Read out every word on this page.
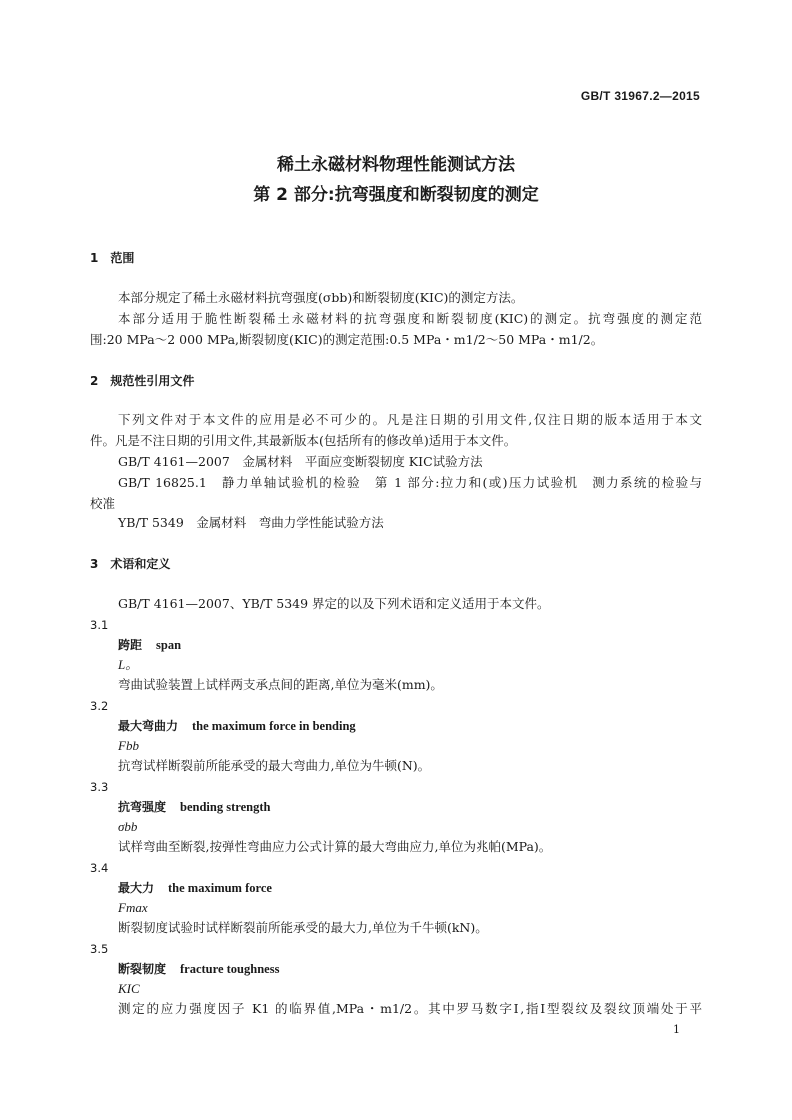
GB/T 31967.2—2015
稀土永磁材料物理性能测试方法
第 2 部分:抗弯强度和断裂韧度的测定
1　范围
本部分规定了稀土永磁材料抗弯强度(σbb)和断裂韧度(KIC)的测定方法。
本部分适用于脆性断裂稀土永磁材料的抗弯强度和断裂韧度(KIC)的测定。抗弯强度的测定范
围:20 MPa～2 000 MPa,断裂韧度(KIC)的测定范围:0.5 MPa・m1/2～50 MPa・m1/2。
2　规范性引用文件
下列文件对于本文件的应用是必不可少的。凡是注日期的引用文件,仅注日期的版本适用于本文
件。凡是不注日期的引用文件,其最新版本(包括所有的修改单)适用于本文件。
GB/T 4161—2007　金属材料　平面应变断裂韧度 KIC试验方法
GB/T 16825.1　静力单轴试验机的检验　第 1 部分:拉力和(或)压力试验机　测力系统的检验与
校准
YB/T 5349　金属材料　弯曲力学性能试验方法
3　术语和定义
GB/T 4161—2007、YB/T 5349 界定的以及下列术语和定义适用于本文件。
3.1
跨距 span
L。
弯曲试验装置上试样两支承点间的距离,单位为毫米(mm)。
3.2
最大弯曲力 the maximum force in bending
Fbb
抗弯试样断裂前所能承受的最大弯曲力,单位为牛顿(N)。
3.3
抗弯强度 bending strength
σbb
试样弯曲至断裂,按弹性弯曲应力公式计算的最大弯曲应力,单位为兆帕(MPa)。
3.4
最大力 the maximum force
Fmax
断裂韧度试验时试样断裂前所能承受的最大力,单位为千牛顿(kN)。
3.5
断裂韧度 fracture toughness
KIC
测定的应力强度因子 K1 的临界值,MPa・m1/2。其中罗马数字Ⅰ,指Ⅰ型裂纹及裂纹顶端处于平
1
